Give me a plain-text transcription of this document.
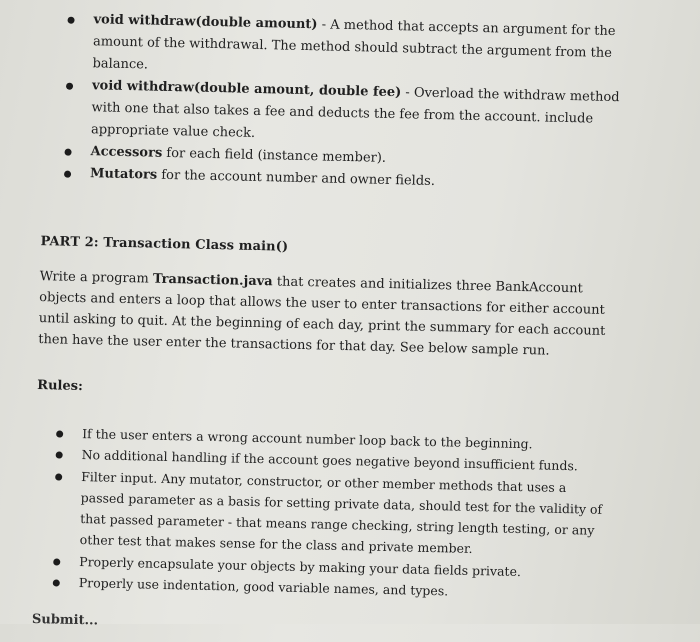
void withdraw(double amount) - A method that accepts an argument for the amount of the withdrawal. The method should subtract the argument from the balance.
void withdraw(double amount, double fee) - Overload the withdraw method with one that also takes a fee and deducts the fee from the account. include appropriate value check.
Accessors for each field (instance member).
Mutators for the account number and owner fields.
PART 2: Transaction Class main()

Write a program Transaction.java that creates and initializes three BankAccount objects and enters a loop that allows the user to enter transactions for either account until asking to quit. At the beginning of each day, print the summary for each account then have the user enter the transactions for that day. See below sample run.

Rules:
If the user enters a wrong account number loop back to the beginning.
No additional handling if the account goes negative beyond insufficient funds.
Filter input. Any mutator, constructor, or other member methods that uses a passed parameter as a basis for setting private data, should test for the validity of that passed parameter - that means range checking, string length testing, or any other test that makes sense for the class and private member.
Properly encapsulate your objects by making your data fields private.
Properly use indentation, good variable names, and types.
Submit...
